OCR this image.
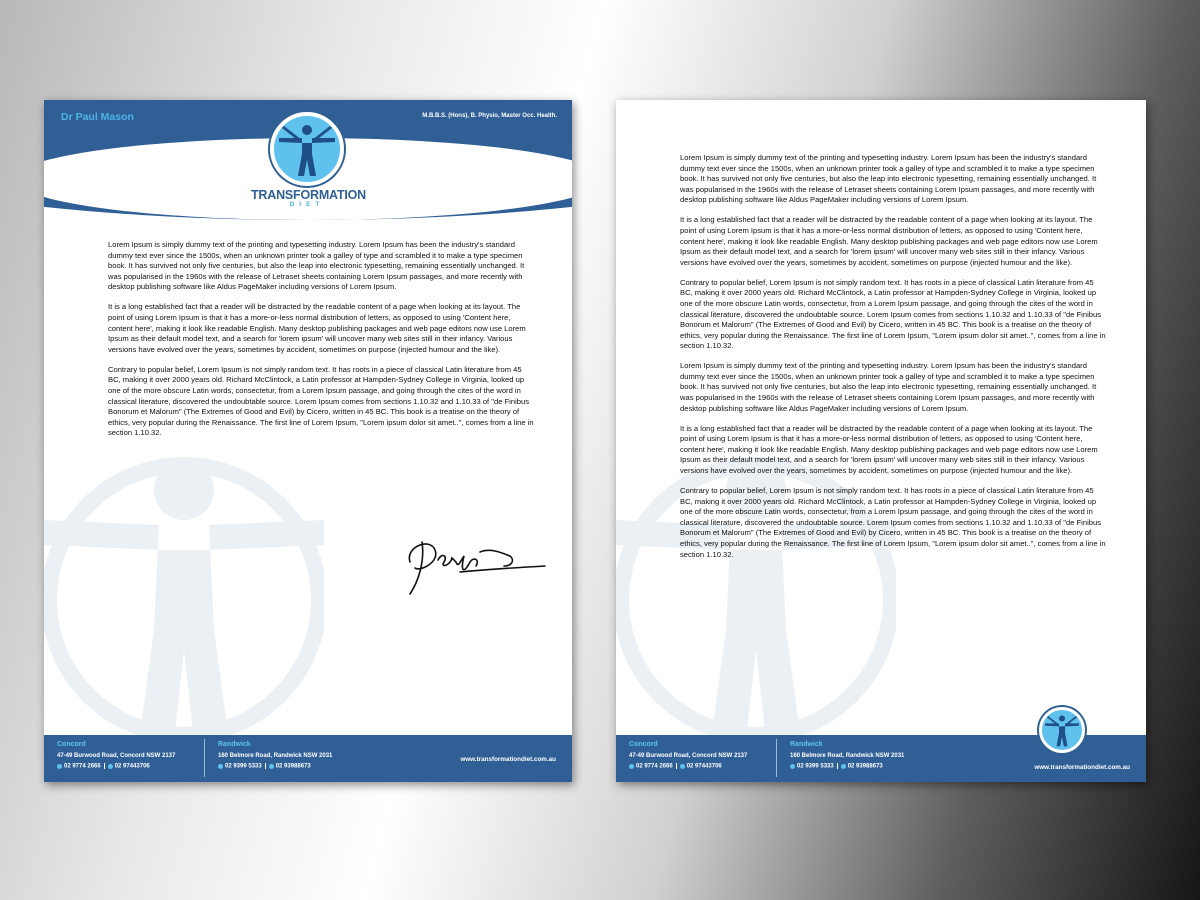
Dr Paul Mason	M.B.B.S. (Hons), B. Physio, Master Occ. Health.
TRANSFORMATION
DIET

Lorem Ipsum is simply dummy text of the printing and typesetting industry. Lorem Ipsum has been the industry's standard dummy text ever since the 1500s, when an unknown printer took a galley of type and scrambled it to make a type specimen book. It has survived not only five centuries, but also the leap into electronic typesetting, remaining essentially unchanged. It was popularised in the 1960s with the release of Letraset sheets containing Lorem Ipsum passages, and more recently with desktop publishing software like Aldus PageMaker including versions of Lorem Ipsum.

It is a long established fact that a reader will be distracted by the readable content of a page when looking at its layout. The point of using Lorem Ipsum is that it has a more-or-less normal distribution of letters, as opposed to using 'Content here, content here', making it look like readable English. Many desktop publishing packages and web page editors now use Lorem Ipsum as their default model text, and a search for 'lorem ipsum' will uncover many web sites still in their infancy. Various versions have evolved over the years, sometimes by accident, sometimes on purpose (injected humour and the like).

Contrary to popular belief, Lorem Ipsum is not simply random text. It has roots in a piece of classical Latin literature from 45 BC, making it over 2000 years old. Richard McClintock, a Latin professor at Hampden-Sydney College in Virginia, looked up one of the more obscure Latin words, consectetur, from a Lorem Ipsum passage, and going through the cites of the word in classical literature, discovered the undoubtable source. Lorem Ipsum comes from sections 1.10.32 and 1.10.33 of "de Finibus Bonorum et Malorum" (The Extremes of Good and Evil) by Cicero, written in 45 BC. This book is a treatise on the theory of ethics, very popular during the Renaissance. The first line of Lorem Ipsum, "Lorem ipsum dolor sit amet..", comes from a line in section 1.10.32.

Concord
47-49 Burwood Road, Concord NSW 2137
02 9774 2666 02 97443706
Randwick
160 Belmore Road, Randwick NSW 2031
02 9399 5333 02 93988673
www.transformationdiet.com.au

Lorem Ipsum is simply dummy text of the printing and typesetting industry. Lorem Ipsum has been the industry's standard dummy text ever since the 1500s, when an unknown printer took a galley of type and scrambled it to make a type specimen book. It has survived not only five centuries, but also the leap into electronic typesetting, remaining essentially unchanged. It was popularised in the 1960s with the release of Letraset sheets containing Lorem Ipsum passages, and more recently with desktop publishing software like Aldus PageMaker including versions of Lorem Ipsum.

It is a long established fact that a reader will be distracted by the readable content of a page when looking at its layout. The point of using Lorem Ipsum is that it has a more-or-less normal distribution of letters, as opposed to using 'Content here, content here', making it look like readable English. Many desktop publishing packages and web page editors now use Lorem Ipsum as their default model text, and a search for 'lorem ipsum' will uncover many web sites still in their infancy. Various versions have evolved over the years, sometimes by accident, sometimes on purpose (injected humour and the like).

Contrary to popular belief, Lorem Ipsum is not simply random text. It has roots in a piece of classical Latin literature from 45 BC, making it over 2000 years old. Richard McClintock, a Latin professor at Hampden-Sydney College in Virginia, looked up one of the more obscure Latin words, consectetur, from a Lorem Ipsum passage, and going through the cites of the word in classical literature, discovered the undoubtable source. Lorem Ipsum comes from sections 1.10.32 and 1.10.33 of "de Finibus Bonorum et Malorum" (The Extremes of Good and Evil) by Cicero, written in 45 BC. This book is a treatise on the theory of ethics, very popular during the Renaissance. The first line of Lorem Ipsum, "Lorem ipsum dolor sit amet..", comes from a line in section 1.10.32.

Lorem Ipsum is simply dummy text of the printing and typesetting industry. Lorem Ipsum has been the industry's standard dummy text ever since the 1500s, when an unknown printer took a galley of type and scrambled it to make a type specimen book. It has survived not only five centuries, but also the leap into electronic typesetting, remaining essentially unchanged. It was popularised in the 1960s with the release of Letraset sheets containing Lorem Ipsum passages, and more recently with desktop publishing software like Aldus PageMaker including versions of Lorem Ipsum.

It is a long established fact that a reader will be distracted by the readable content of a page when looking at its layout. The point of using Lorem Ipsum is that it has a more-or-less normal distribution of letters, as opposed to using 'Content here, content here', making it look like readable English. Many desktop publishing packages and web page editors now use Lorem Ipsum as their default model text, and a search for 'lorem ipsum' will uncover many web sites still in their infancy. Various versions have evolved over the years, sometimes by accident, sometimes on purpose (injected humour and the like).

Contrary to popular belief, Lorem Ipsum is not simply random text. It has roots in a piece of classical Latin literature from 45 BC, making it over 2000 years old. Richard McClintock, a Latin professor at Hampden-Sydney College in Virginia, looked up one of the more obscure Latin words, consectetur, from a Lorem Ipsum passage, and going through the cites of the word in classical literature, discovered the undoubtable source. Lorem Ipsum comes from sections 1.10.32 and 1.10.33 of "de Finibus Bonorum et Malorum" (The Extremes of Good and Evil) by Cicero, written in 45 BC. This book is a treatise on the theory of ethics, very popular during the Renaissance. The first line of Lorem Ipsum, "Lorem ipsum dolor sit amet..", comes from a line in section 1.10.32.

Concord
47-49 Burwood Road, Concord NSW 2137
02 9774 2666 02 97443706
Randwick
160 Belmore Road, Randwick NSW 2031
02 9399 5333 02 93988673	www.transformationdiet.com.au
